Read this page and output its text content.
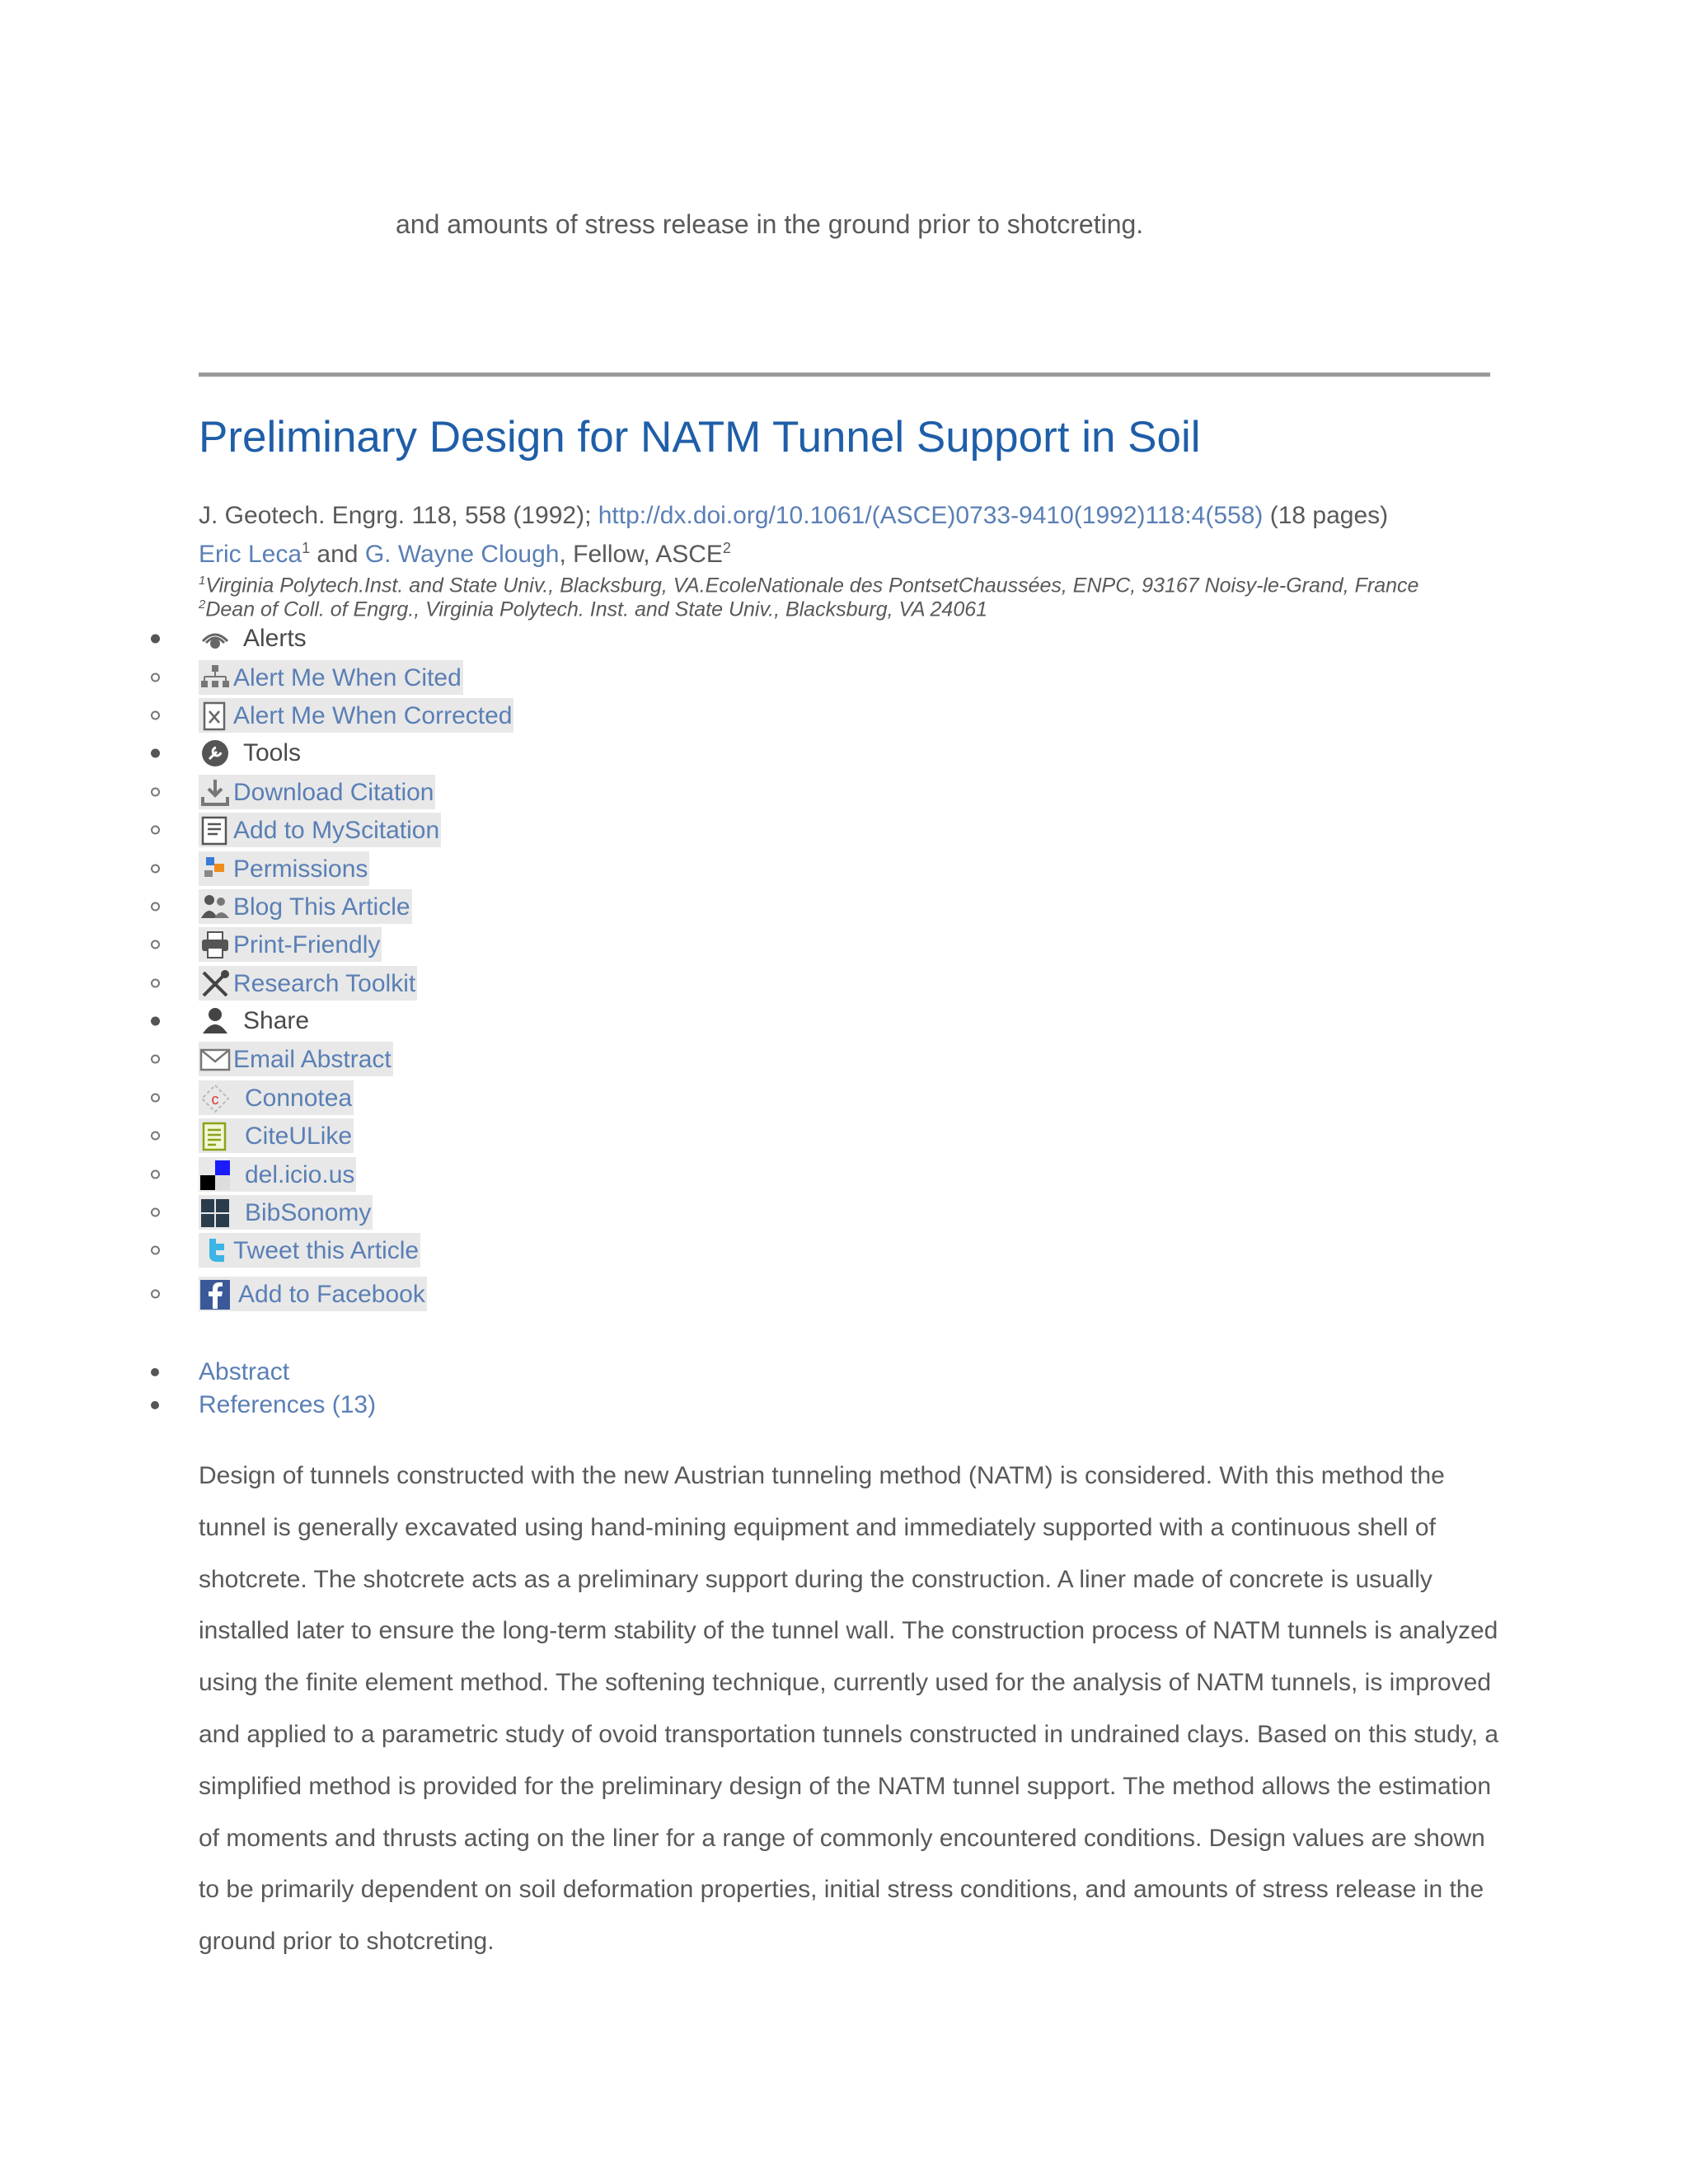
and amounts of stress release in the ground prior to shotcreting.

Preliminary Design for NATM Tunnel Support in Soil
J. Geotech. Engrg. 118, 558 (1992); http://dx.doi.org/10.1061/(ASCE)0733-9410(1992)118:4(558) (18 pages)
Eric Leca$^1$ and G. Wayne Clough, Fellow, ASCE$^2$
$^1$Virginia Polytech.Inst. and State Univ., Blacksburg, VA.EcoleNationale des PontsetChaussées, ENPC, 93167 Noisy-le-Grand, France
$^2$Dean of Coll. of Engrg., Virginia Polytech. Inst. and State Univ., Blacksburg, VA 24061
Alerts
Alert Me When Cited
Alert Me When Corrected
Tools
Download Citation
Add to MyScitation
Permissions
Blog This Article
Print-Friendly
Research Toolkit
Share
Email Abstract
c Connotea
CiteULike
del.icio.us
BibSonomy
Tweet this Article
Add to Facebook
Abstract
References (13)

Design of tunnels constructed with the new Austrian tunneling method (NATM) is considered. With this method the tunnel is generally excavated using hand-mining equipment and immediately supported with a continuous shell of shotcrete. The shotcrete acts as a preliminary support during the construction. A liner made of concrete is usually installed later to ensure the long-term stability of the tunnel wall. The construction process of NATM tunnels is analyzed using the finite element method. The softening technique, currently used for the analysis of NATM tunnels, is improved and applied to a parametric study of ovoid transportation tunnels constructed in undrained clays. Based on this study, a simplified method is provided for the preliminary design of the NATM tunnel support. The method allows the estimation of moments and thrusts acting on the liner for a range of commonly encountered conditions. Design values are shown to be primarily dependent on soil deformation properties, initial stress conditions, and amounts of stress release in the ground prior to shotcreting.
